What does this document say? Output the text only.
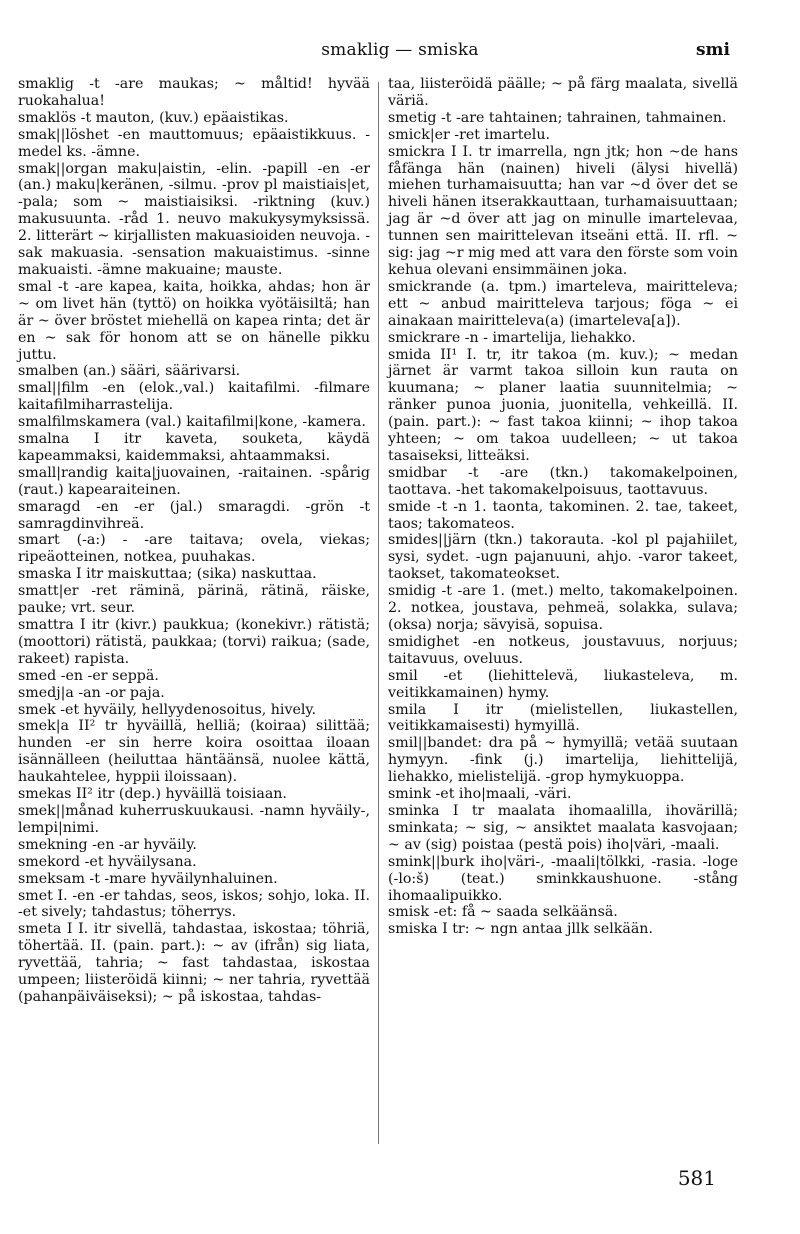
smaklig — smiska	smi

smaklig -t -are maukas; ~ måltid! hyvää ruokahalua!

smaklös -t mauton, (kuv.) epäaistikas.

smak||löshet -en mauttomuus; epäaistikkuus. -medel ks. -ämne.

smak||organ maku|aistin, -elin. -papill -en -er (an.) maku|keränen, -silmu. -prov pl maistiais|et, -pala; som ~ maistiaisiksi. -riktning (kuv.) makusuunta. -råd 1. neuvo makukysymyksissä. 2. litterärt ~ kirjallisten makuasioiden neuvoja. -sak makuasia. -sensation makuaistimus. -sinne makuaisti. -ämne makuaine; mauste.

smal -t -are kapea, kaita, hoikka, ahdas; hon är ~ om livet hän (tyttö) on hoikka vyötäisiltä; han är ~ över bröstet miehellä on kapea rinta; det är en ~ sak för honom att se on hänelle pikku juttu.

smalben (an.) sääri, säärivarsi.

smal||film -en (elok.,val.) kaitafilmi. -filmare kaitafilmiharrastelija.

smalfilmskamera (val.) kaitafilmi|kone, -kamera.

smalna I itr kaveta, souketa, käydä kapeammaksi, kaidemmaksi, ahtaammaksi.

small|randig kaita|juovainen, -raitainen. -spårig (raut.) kapearaiteinen.

smaragd -en -er (jal.) smaragdi. -grön -t samragdinvihreä.

smart (-a:) - -are taitava; ovela, viekas; ripeäotteinen, notkea, puuhakas.

smaska I itr maiskuttaa; (sika) naskuttaa.

smatt|er -ret räminä, pärinä, rätinä, räiske, pauke; vrt. seur.

smattra I itr (kivr.) paukkua; (konekivr.) rätistä; (moottori) rätistä, paukkaa; (torvi) raikua; (sade, rakeet) rapista.

smed -en -er seppä.

smedj|a -an -or paja.

smek -et hyväily, hellyydenosoitus, hively.

smek|a II² tr hyväillä, helliä; (koiraa) silittää; hunden -er sin herre koira osoittaa iloaan isännälleen (heiluttaa häntäänsä, nuolee kättä, haukahtelee, hyppii iloissaan).

smekas II² itr (dep.) hyväillä toisiaan.

smek||månad kuherruskuukausi. -namn hyväily-, lempi|nimi.

smekning -en -ar hyväily.

smekord -et hyväilysana.

smeksam -t -mare hyväilynhaluinen.

smet I. -en -er tahdas, seos, iskos; sohjo, loka. II. -et sively; tahdastus; töherrys.

smeta I I. itr sivellä, tahdastaa, iskostaa; töhriä, töhertää. II. (pain. part.): ~ av (ifrån) sig liata, ryvettää, tahria; ~ fast tahdastaa, iskostaa umpeen; liisteröidä kiinni; ~ ner tahria, ryvettää (pahanpäiväiseksi); ~ på iskostaa, tahdas-

taa, liisteröidä päälle; ~ på färg maalata, sivellä väriä.

smetig -t -are tahtainen; tahrainen, tahmainen.

smick|er -ret imartelu.

smickra I I. tr imarrella, ngn jtk; hon ~de hans fåfänga hän (nainen) hiveli (älysi hivellä) miehen turhamaisuutta; han var ~d över det se hiveli hänen itserakkauttaan, turhamaisuuttaan; jag är ~d över att jag on minulle imartelevaa, tunnen sen mairittelevan itseäni että. II. rfl. ~ sig: jag ~r mig med att vara den förste som voin kehua olevani ensimmäinen joka.

smickrande (a. tpm.) imarteleva, mairitteleva; ett ~ anbud mairitteleva tarjous; föga ~ ei ainakaan mairitteleva(a) (imarteleva[a]).

smickrare -n - imartelija, liehakko.

smida II¹ I. tr, itr takoa (m. kuv.); ~ medan järnet är varmt takoa silloin kun rauta on kuumana; ~ planer laatia suunnitelmia; ~ ränker punoa juonia, juonitella, vehkeillä. II. (pain. part.): ~ fast takoa kiinni; ~ ihop takoa yhteen; ~ om takoa uudelleen; ~ ut takoa tasaiseksi, litteäksi.

smidbar -t -are (tkn.) takomakelpoinen, taottava. -het takomakelpoisuus, taottavuus.

smide -t -n 1. taonta, takominen. 2. tae, takeet, taos; takomateos.

smides||järn (tkn.) takorauta. -kol pl pajahiilet, sysi, sydet. -ugn pajanuuni, ahjo. -varor takeet, taokset, takomateokset.

smidig -t -are 1. (met.) melto, takomakelpoinen. 2. notkea, joustava, pehmeä, solakka, sulava; (oksa) norja; sävyisä, sopuisa.

smidighet -en notkeus, joustavuus, norjuus; taitavuus, oveluus.

smil -et (liehittelevä, liukasteleva, m. veitikkamainen) hymy.

smila I itr (mielistellen, liukastellen, veitikkamaisesti) hymyillä.

smil||bandet: dra på ~ hymyillä; vetää suutaan hymyyn. -fink (j.) imartelija, liehittelijä, liehakko, mielistelijä. -grop hymykuoppa.

smink -et iho|maali, -väri.

sminka I tr maalata ihomaalilla, ihovärillä; sminkata; ~ sig, ~ ansiktet maalata kasvojaan; ~ av (sig) poistaa (pestä pois) iho|väri, -maali.

smink||burk iho|väri-, -maali|tölkki, -rasia. -loge (-lo:š) (teat.) sminkkaushuone. -stång ihomaalipuikko.

smisk -et: få ~ saada selkäänsä.

smiska I tr: ~ ngn antaa jllk selkään.

581
